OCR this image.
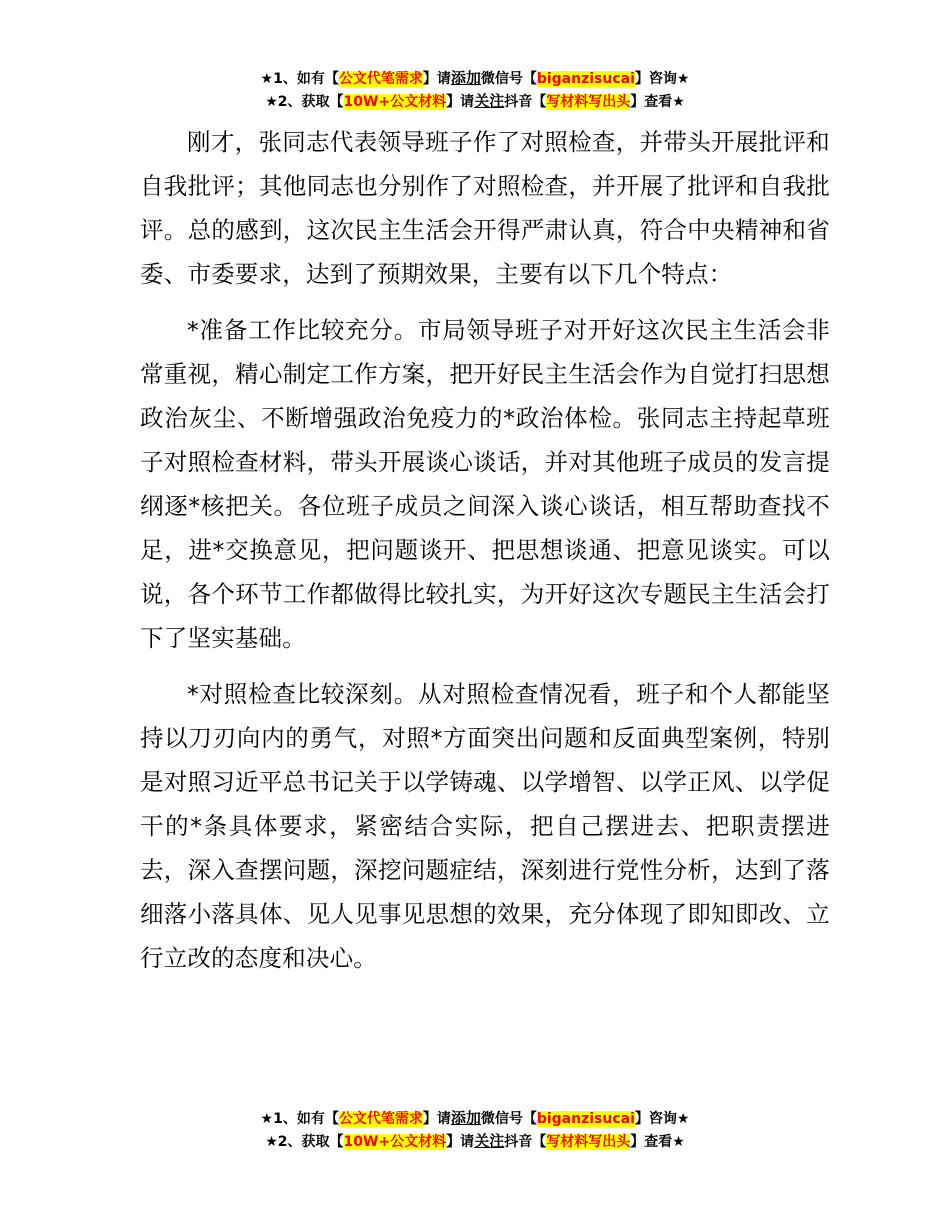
★1、如有【公文代笔需求】请添加微信号【biganzisucai】咨询★
★2、获取【10W+公文材料】请关注抖音【写材料写出头】查看★

刚才，张同志代表领导班子作了对照检查，并带头开展批评和自我批评；其他同志也分别作了对照检查，并开展了批评和自我批评。总的感到，这次民主生活会开得严肃认真，符合中央精神和省委、市委要求，达到了预期效果，主要有以下几个特点：

*准备工作比较充分。市局领导班子对开好这次民主生活会非常重视，精心制定工作方案，把开好民主生活会作为自觉打扫思想政治灰尘、不断增强政治免疫力的*政治体检。张同志主持起草班子对照检查材料，带头开展谈心谈话，并对其他班子成员的发言提纲逐*核把关。各位班子成员之间深入谈心谈话，相互帮助查找不足，进*交换意见，把问题谈开、把思想谈通、把意见谈实。可以说，各个环节工作都做得比较扎实，为开好这次专题民主生活会打下了坚实基础。

*对照检查比较深刻。从对照检查情况看，班子和个人都能坚持以刀刃向内的勇气，对照*方面突出问题和反面典型案例，特别是对照习近平总书记关于以学铸魂、以学增智、以学正风、以学促干的*条具体要求，紧密结合实际，把自己摆进去、把职责摆进去，深入查摆问题，深挖问题症结，深刻进行党性分析，达到了落细落小落具体、见人见事见思想的效果，充分体现了即知即改、立行立改的态度和决心。

★1、如有【公文代笔需求】请添加微信号【biganzisucai】咨询★
★2、获取【10W+公文材料】请关注抖音【写材料写出头】查看★
